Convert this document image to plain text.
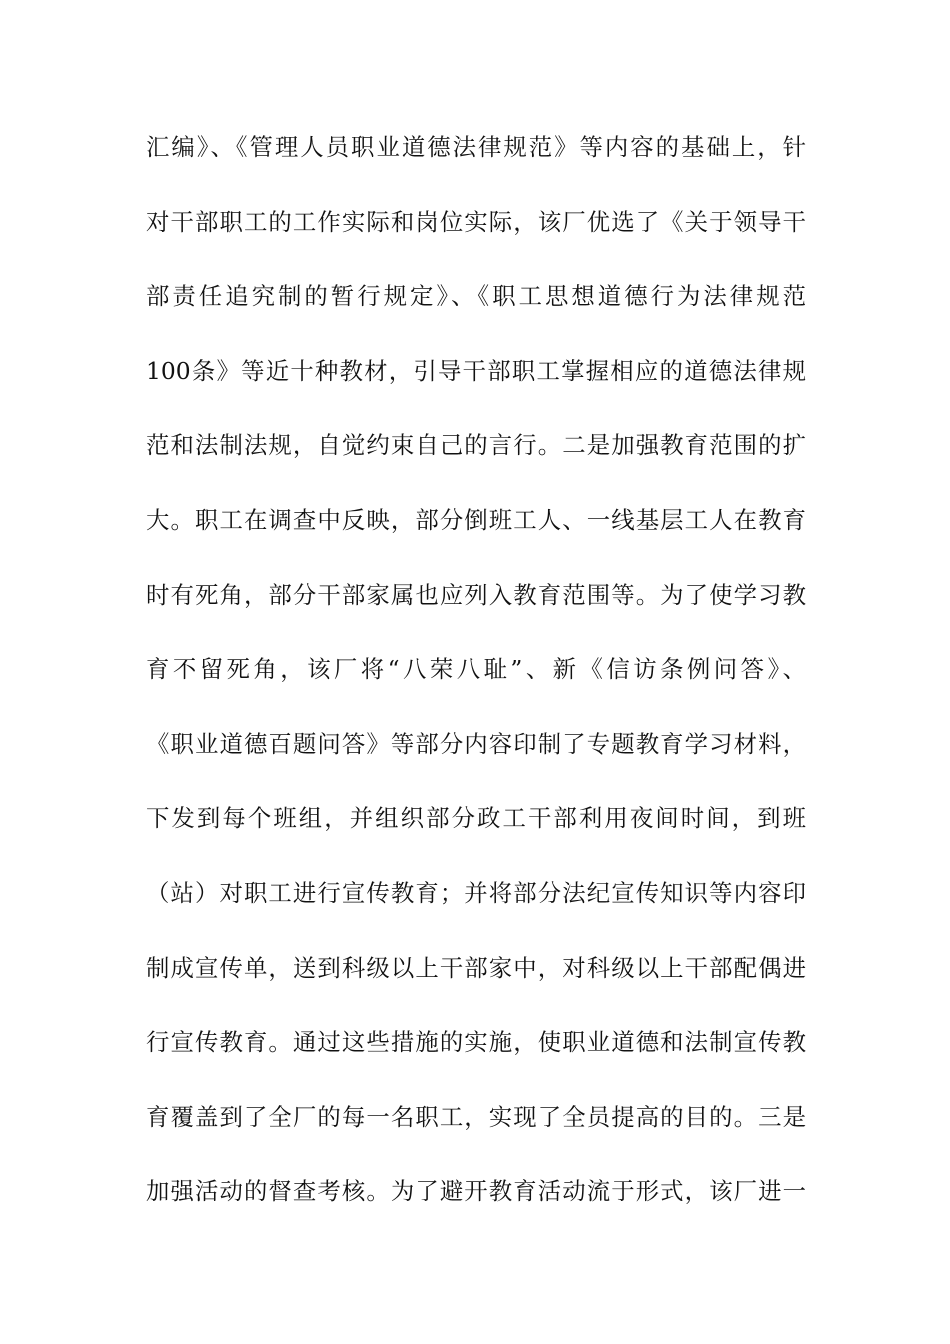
汇编》、《管理人员职业道德法律规范》等内容的基础上，针
对干部职工的工作实际和岗位实际，该厂优选了《关于领导干
部责任追究制的暂行规定》、《职工思想道德行为法律规范
100条》等近十种教材，引导干部职工掌握相应的道德法律规
范和法制法规，自觉约束自己的言行。二是加强教育范围的扩
大。职工在调查中反映，部分倒班工人、一线基层工人在教育
时有死角，部分干部家属也应列入教育范围等。为了使学习教
育不留死角，该厂将“八荣八耻”、新《信访条例问答》、
《职业道德百题问答》等部分内容印制了专题教育学习材料，
下发到每个班组，并组织部分政工干部利用夜间时间，到班
（站）对职工进行宣传教育；并将部分法纪宣传知识等内容印
制成宣传单，送到科级以上干部家中，对科级以上干部配偶进
行宣传教育。通过这些措施的实施，使职业道德和法制宣传教
育覆盖到了全厂的每一名职工，实现了全员提高的目的。三是
加强活动的督查考核。为了避开教育活动流于形式，该厂进一
